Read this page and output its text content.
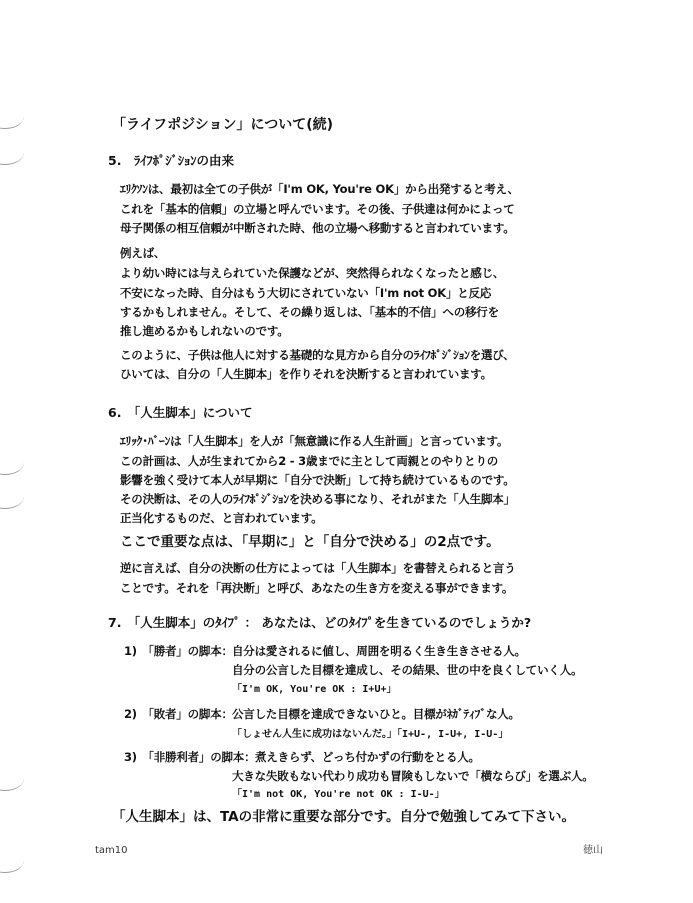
「ライフポジション」について(続)
5.　ﾗｲﾌﾎﾟｼﾞｼｮﾝの由来
ｴﾘｸｿﾝは、最初は全ての子供が「I'm OK, You're OK」から出発すると考え、
これを「基本的信頼」の立場と呼んでいます。その後、子供達は何かによって
母子関係の相互信頼が中断された時、他の立場へ移動すると言われています。
例えば、
より幼い時には与えられていた保護などが、突然得られなくなったと感じ、
不安になった時、自分はもう大切にされていない「I'm not OK」と反応
するかもしれません。そして、その繰り返しは、「基本的不信」への移行を
推し進めるかもしれないのです。
このように、子供は他人に対する基礎的な見方から自分のﾗｲﾌﾎﾟｼﾞｼｮﾝを選び、
ひいては、自分の「人生脚本」を作りそれを決断すると言われています。
6.　「人生脚本」について
ｴﾘｯｸ･ﾊﾞｰﾝは「人生脚本」を人が「無意識に作る人生計画」と言っています。
この計画は、人が生まれてから2 - 3歳までに主として両親とのやりとりの
影響を強く受けて本人が早期に「自分で決断」して持ち続けているものです。
その決断は、その人のﾗｲﾌﾎﾟｼﾞｼｮﾝを決める事になり、それがまた「人生脚本」
正当化するものだ、と言われています。
ここで重要な点は、「早期に」と「自分で決める」の2点です。
逆に言えば、自分の決断の仕方によっては「人生脚本」を書替えられると言う
ことです。それを「再決断」と呼び、あなたの生き方を変える事ができます。
7.　「人生脚本」のﾀｲﾌﾟ ： あなたは、どのﾀｲﾌﾟを生きているのでしょうか?
1)　「勝者」の脚本： 自分は愛されるに値し、周囲を明るく生き生きさせる人。
自分の公言した目標を達成し、その結果、世の中を良くしていく人。
「I'm OK, You're OK : I+U+」
2)　「敗者」の脚本： 公言した目標を達成できないひと。目標がﾈｶﾞﾃｨﾌﾞな人。
「しょせん人生に成功はないんだ。」「I+U-, I-U+, I-U-」
3)　「非勝利者」の脚本： 煮えきらず、どっち付かずの行動をとる人。
大きな失敗もない代わり成功も冒険もしないで「横ならび」を選ぶ人。
「I'm not OK, You're not OK : I-U-」
「人生脚本」は、TAの非常に重要な部分です。自分で勉強してみて下さい。
tam10	徳山
